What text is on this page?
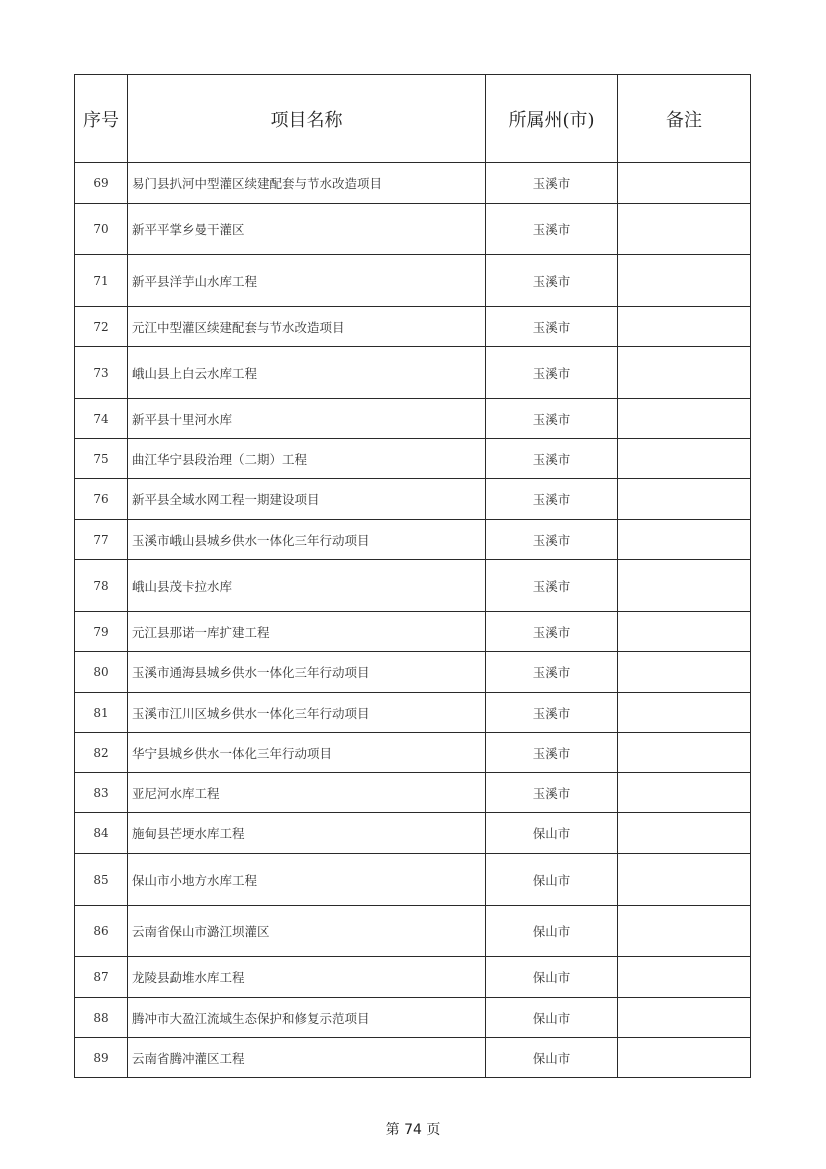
序号	项目名称	所属州(市)	备注
69	易门县扒河中型灌区续建配套与节水改造项目	玉溪市	
70	新平平掌乡曼干灌区	玉溪市	
71	新平县洋芋山水库工程	玉溪市	
72	元江中型灌区续建配套与节水改造项目	玉溪市	
73	峨山县上白云水库工程	玉溪市	
74	新平县十里河水库	玉溪市	
75	曲江华宁县段治理（二期）工程	玉溪市	
76	新平县全域水网工程一期建设项目	玉溪市	
77	玉溪市峨山县城乡供水一体化三年行动项目	玉溪市	
78	峨山县茂卡拉水库	玉溪市	
79	元江县那诺一库扩建工程	玉溪市	
80	玉溪市通海县城乡供水一体化三年行动项目	玉溪市	
81	玉溪市江川区城乡供水一体化三年行动项目	玉溪市	
82	华宁县城乡供水一体化三年行动项目	玉溪市	
83	亚尼河水库工程	玉溪市	
84	施甸县芒埂水库工程	保山市	
85	保山市小地方水库工程	保山市	
86	云南省保山市潞江坝灌区	保山市	
87	龙陵县勐堆水库工程	保山市	
88	腾冲市大盈江流域生态保护和修复示范项目	保山市	
89	云南省腾冲灌区工程	保山市	
第 74 页
